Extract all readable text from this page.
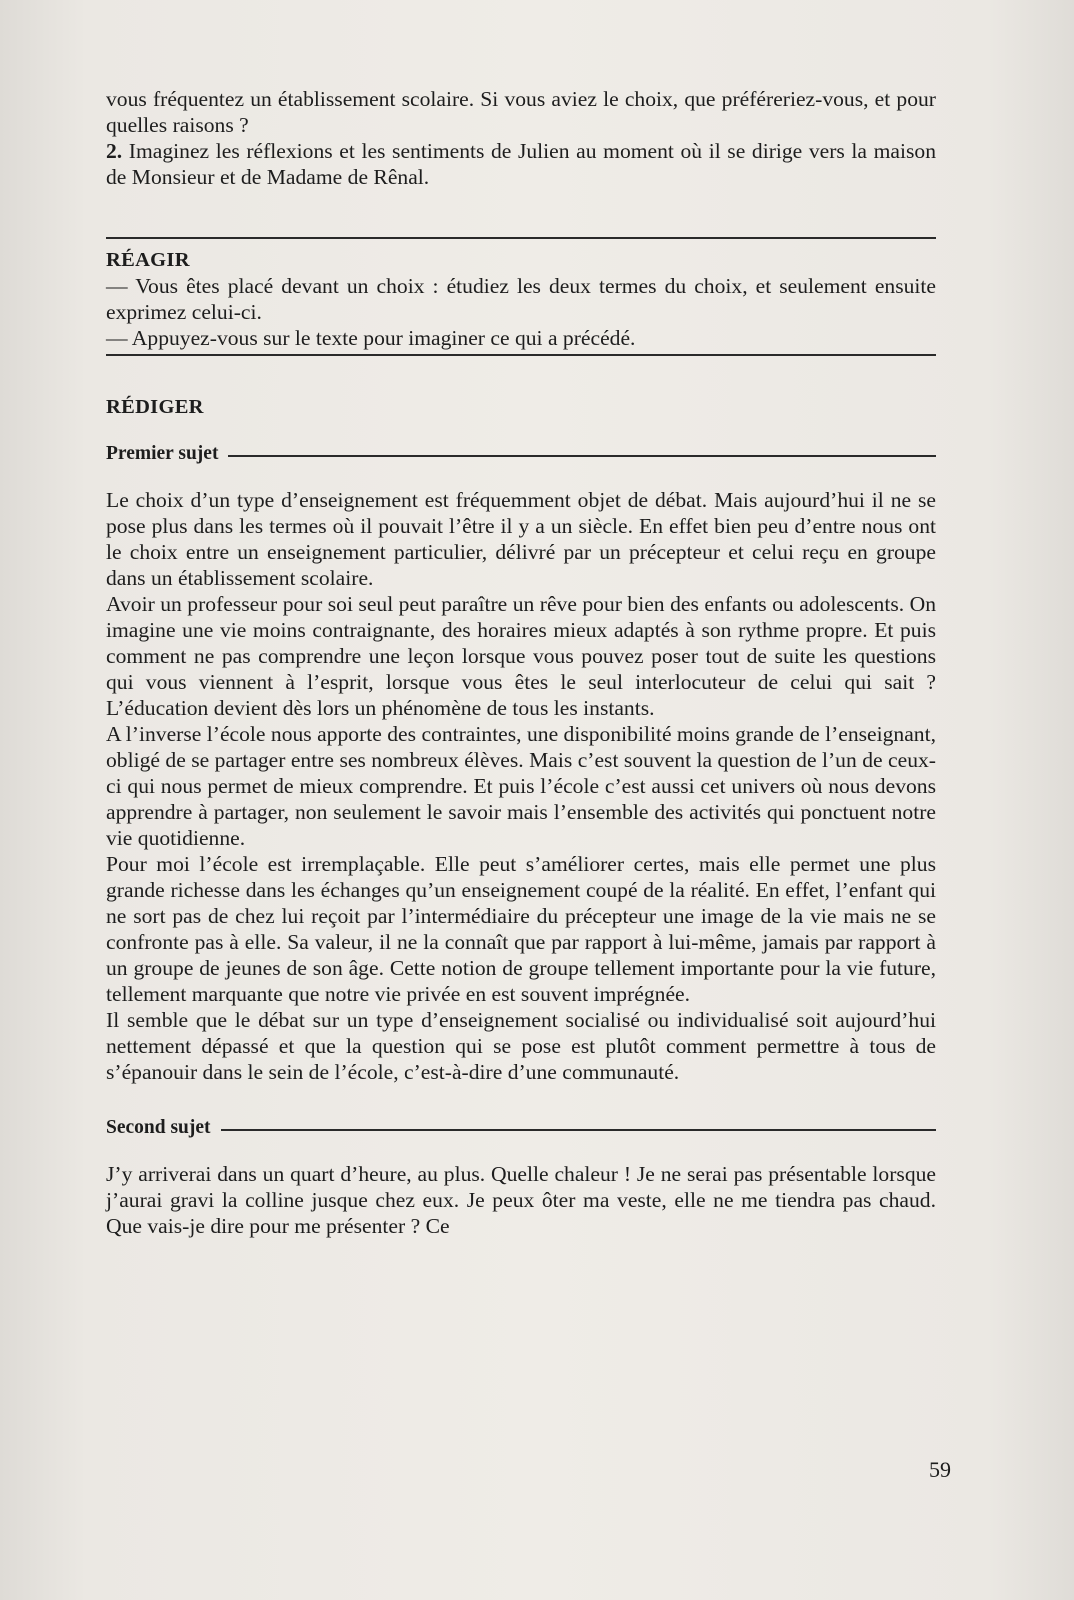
vous fréquentez un établissement scolaire. Si vous aviez le choix, que préféreriez-vous, et pour quelles raisons ?

2. Imaginez les réflexions et les sentiments de Julien au moment où il se dirige vers la maison de Monsieur et de Madame de Rênal.

RÉAGIR

— Vous êtes placé devant un choix : étudiez les deux termes du choix, et seulement ensuite exprimez celui-ci.

— Appuyez-vous sur le texte pour imaginer ce qui a précédé.

RÉDIGER
Premier sujet

Le choix d’un type d’enseignement est fréquemment objet de débat. Mais aujourd’hui il ne se pose plus dans les termes où il pouvait l’être il y a un siècle. En effet bien peu d’entre nous ont le choix entre un enseignement particulier, délivré par un précepteur et celui reçu en groupe dans un établissement scolaire.

Avoir un professeur pour soi seul peut paraître un rêve pour bien des enfants ou adolescents. On imagine une vie moins contraignante, des horaires mieux adaptés à son rythme propre. Et puis comment ne pas comprendre une leçon lorsque vous pouvez poser tout de suite les questions qui vous viennent à l’esprit, lorsque vous êtes le seul interlocuteur de celui qui sait ? L’éducation devient dès lors un phénomène de tous les instants.

A l’inverse l’école nous apporte des contraintes, une disponibilité moins grande de l’enseignant, obligé de se partager entre ses nombreux élèves. Mais c’est souvent la question de l’un de ceux-ci qui nous permet de mieux comprendre. Et puis l’école c’est aussi cet univers où nous devons apprendre à partager, non seulement le savoir mais l’ensemble des activités qui ponctuent notre vie quotidienne.

Pour moi l’école est irremplaçable. Elle peut s’améliorer certes, mais elle permet une plus grande richesse dans les échanges qu’un enseignement coupé de la réalité. En effet, l’enfant qui ne sort pas de chez lui reçoit par l’intermédiaire du précepteur une image de la vie mais ne se confronte pas à elle. Sa valeur, il ne la connaît que par rapport à lui-même, jamais par rapport à un groupe de jeunes de son âge. Cette notion de groupe tellement importante pour la vie future, tellement marquante que notre vie privée en est souvent imprégnée.

Il semble que le débat sur un type d’enseignement socialisé ou individualisé soit aujourd’hui nettement dépassé et que la question qui se pose est plutôt comment permettre à tous de s’épanouir dans le sein de l’école, c’est-à-dire d’une communauté.

Second sujet

J’y arriverai dans un quart d’heure, au plus. Quelle chaleur ! Je ne serai pas présentable lorsque j’aurai gravi la colline jusque chez eux. Je peux ôter ma veste, elle ne me tiendra pas chaud. Que vais-je dire pour me présenter ? Ce

59
